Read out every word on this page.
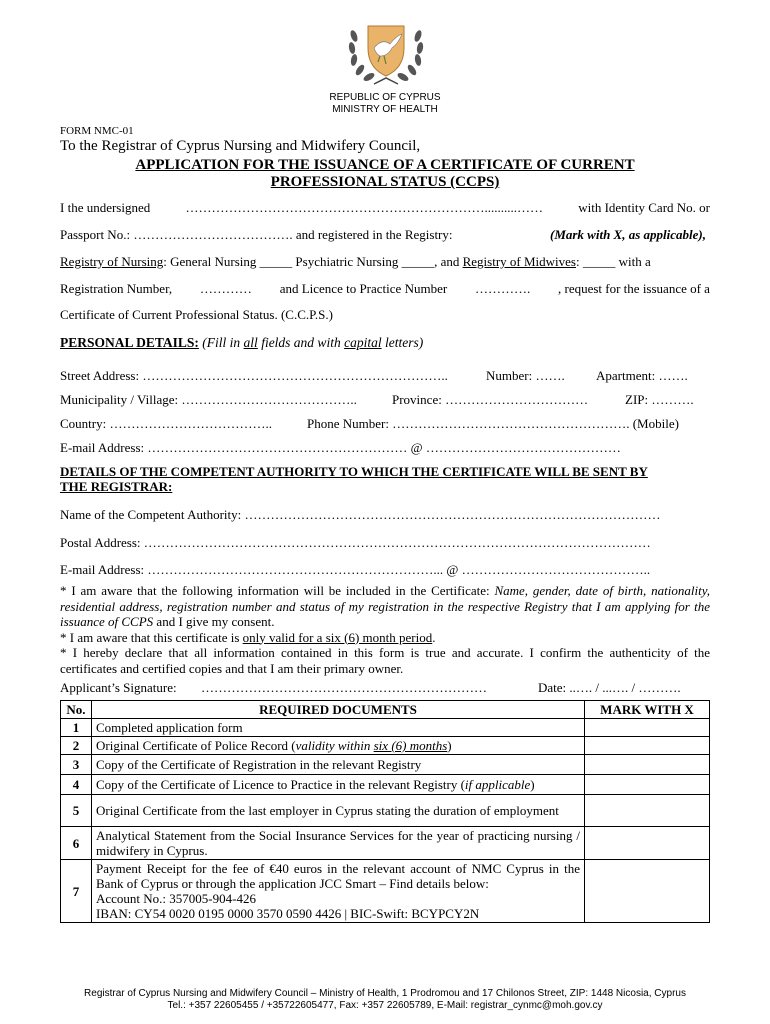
REPUBLIC OF CYPRUS
MINISTRY OF HEALTH
FORM NMC-01
To the Registrar of Cyprus Nursing and Midwifery Council,
APPLICATION FOR THE ISSUANCE OF A CERTIFICATE OF CURRENT
PROFESSIONAL STATUS (CCPS)
I the undersigned	……………………………………………………………..........……	with Identity Card No. or
Passport No.: ………………………………. and registered in the Registry:	(Mark with X, as applicable),
Registry of Nursing: General Nursing _____ Psychiatric Nursing _____, and Registry of Midwives: _____ with a
Registration Number, ………… and Licence to Practice Number …………. , request for the issuance of a
Certificate of Current Professional Status. (C.C.P.S.)
PERSONAL DETAILS: (Fill in all fields and with capital letters)
Street Address: ……………………………………………………………..	Number: ……. Apartment: …….
Municipality / Village: …………………………………..	Province: ……………………………	ZIP: ……….
Country: ………………………………..	Phone Number: ………………………………………………. (Mobile)
E-mail Address: …………………………………………………… @ ………………………………………
DETAILS OF THE COMPETENT AUTHORITY TO WHICH THE CERTIFICATE WILL BE SENT BY
THE REGISTRAR:
Name of the Competent Authority: ……………………………………………………………………………………
Postal Address: ………………………………………………………………………………………………………
E-mail Address: …………………………………………………………... @ ……………………………………..
* I am aware that the following information will be included in the Certificate: Name, gender, date of birth, nationality, residential address, registration number and status of my registration in the respective Registry that I am applying for the issuance of CCPS and I give my consent.
* I am aware that this certificate is only valid for a six (6) month period.
* I hereby declare that all information contained in this form is true and accurate. I confirm the authenticity of the certificates and certified copies and that I am their primary owner.
Applicant’s Signature: …………………………………………………………	Date: ..…. / ...…. / ……….
No.	REQUIRED DOCUMENTS	MARK WITH X
1	Completed application form	
2	Original Certificate of Police Record (validity within six (6) months)	
3	Copy of the Certificate of Registration in the relevant Registry	
4	Copy of the Certificate of Licence to Practice in the relevant Registry (if applicable)	
5	Original Certificate from the last employer in Cyprus stating the duration of employment	
6	Analytical Statement from the Social Insurance Services for the year of practicing nursing / midwifery in Cyprus.	
7	Payment Receipt for the fee of €40 euros in the relevant account of NMC Cyprus in the Bank of Cyprus or through the application JCC Smart – Find details below:
Account No.: 357005-904-426
IBAN: CY54 0020 0195 0000 3570 0590 4426 | BIC-Swift: BCYPCY2N	

Registrar of Cyprus Nursing and Midwifery Council – Ministry of Health, 1 Prodromou and 17 Chilonos Street, ZIP: 1448 Nicosia, Cyprus
Tel.: +357 22605455 / +35722605477, Fax: +357 22605789, E-Mail: registrar_cynmc@moh.gov.cy
